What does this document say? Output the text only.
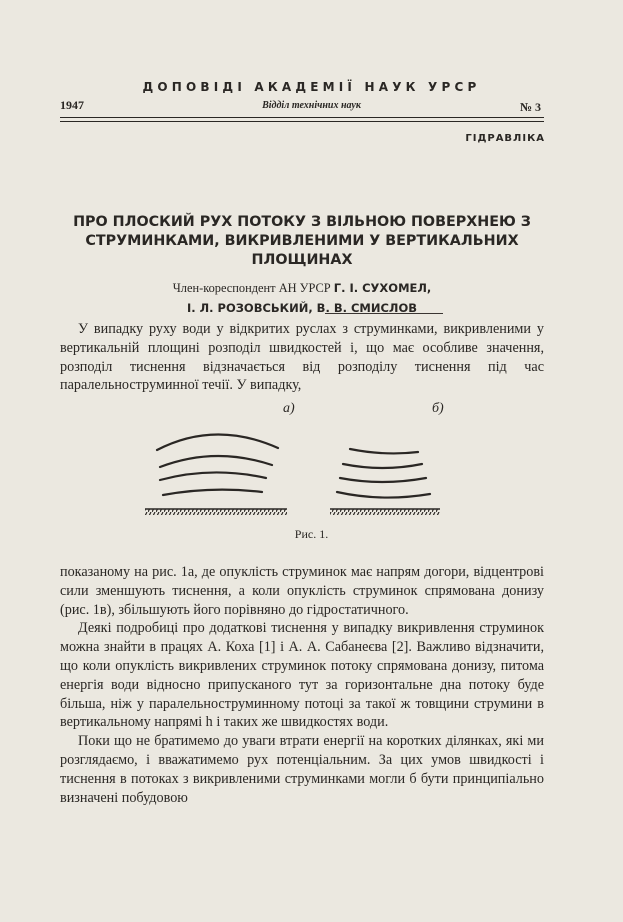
ДОПОВІДІ АКАДЕМІЇ НАУК УРСР
1947	Відділ технічних наук	№ 3
ГІДРАВЛІКА
ПРО ПЛОСКИЙ РУХ ПОТОКУ З ВІЛЬНОЮ ПОВЕРХНЕЮ З СТРУМИНКАМИ, ВИКРИВЛЕНИМИ У ВЕРТИКАЛЬНИХ ПЛОЩИНАХ
Член-кореспондент АН УРСР Г. І. СУХОМЕЛ,
І. Л. РОЗОВСЬКИЙ, В. В. СМИСЛОВ
У випадку руху води у відкритих руслах з струминками, викривленими у вертикальній площині розподіл швидкостей і, що має особливе значення, розподіл тиснення відзначається від розподілу тиснення під час паралельноструминної течії. У випадку,
а)	б)
Рис. 1.

показаному на рис. 1а, де опуклість струминок має напрям догори, відцентрові сили зменшують тиснення, а коли опуклість струминок спрямована донизу (рис. 1в), збільшують його порівняно до гідростатичного.

Деякі подробиці про додаткові тиснення у випадку викривлення струминок можна знайти в працях А. Коха [1] і А. А. Сабанеєва [2]. Важливо відзначити, що коли опуклість викривлених струминок потоку спрямована донизу, питома енергія води відносно припусканого тут за горизонтальне дна потоку буде більша, ніж у паралельноструминному потоці за такої ж товщини струмини в вертикальному напрямі h і таких же швидкостях води.

Поки що не братимемо до уваги втрати енергії на коротких ділянках, які ми розглядаємо, і вважатимемо рух потенціальним. За цих умов швидкості і тиснення в потоках з викривленими струминками могли б бути принципіально визначені побудовою
